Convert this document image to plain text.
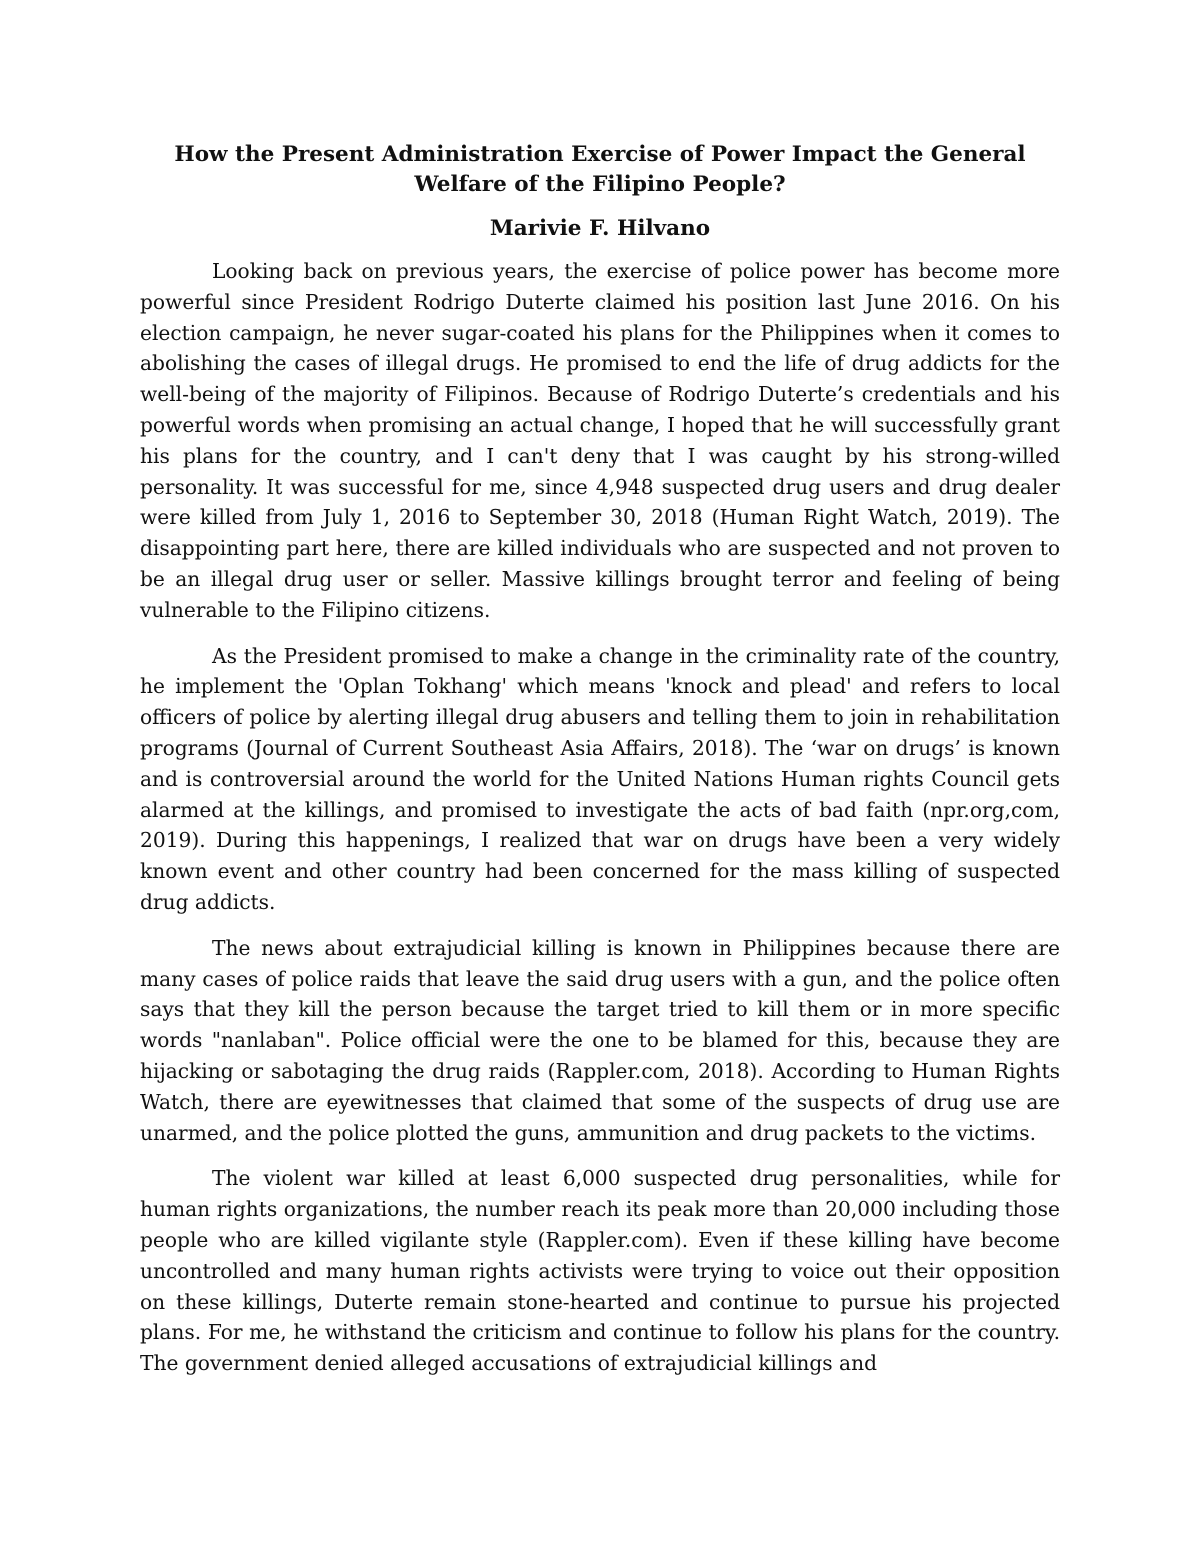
How the Present Administration Exercise of Power Impact the General
Welfare of the Filipino People?
Marivie F. Hilvano

Looking back on previous years, the exercise of police power has become more powerful since President Rodrigo Duterte claimed his position last June 2016. On his election campaign, he never sugar-coated his plans for the Philippines when it comes to abolishing the cases of illegal drugs. He promised to end the life of drug addicts for the well-being of the majority of Filipinos. Because of Rodrigo Duterte’s credentials and his powerful words when promising an actual change, I hoped that he will successfully grant his plans for the country, and I can't deny that I was caught by his strong-willed personality. It was successful for me, since 4,948 suspected drug users and drug dealer were killed from July 1, 2016 to September 30, 2018 (Human Right Watch, 2019). The disappointing part here, there are killed individuals who are suspected and not proven to be an illegal drug user or seller. Massive killings brought terror and feeling of being vulnerable to the Filipino citizens.

As the President promised to make a change in the criminality rate of the country, he implement the 'Oplan Tokhang' which means 'knock and plead' and refers to local officers of police by alerting illegal drug abusers and telling them to join in rehabilitation programs (Journal of Current Southeast Asia Affairs, 2018). The ‘war on drugs’ is known and is controversial around the world for the United Nations Human rights Council gets alarmed at the killings, and promised to investigate the acts of bad faith (npr.org,com, 2019). During this happenings, I realized that war on drugs have been a very widely known event and other country had been concerned for the mass killing of suspected drug addicts.

The news about extrajudicial killing is known in Philippines because there are many cases of police raids that leave the said drug users with a gun, and the police often says that they kill the person because the target tried to kill them or in more specific words "nanlaban". Police official were the one to be blamed for this, because they are hijacking or sabotaging the drug raids (Rappler.com, 2018). According to Human Rights Watch, there are eyewitnesses that claimed that some of the suspects of drug use are unarmed, and the police plotted the guns, ammunition and drug packets to the victims.

The violent war killed at least 6,000 suspected drug personalities, while for human rights organizations, the number reach its peak more than 20,000 including those people who are killed vigilante style (Rappler.com). Even if these killing have become uncontrolled and many human rights activists were trying to voice out their opposition on these killings, Duterte remain stone-hearted and continue to pursue his projected plans. For me, he withstand the criticism and continue to follow his plans for the country. The government denied alleged accusations of extrajudicial killings and
